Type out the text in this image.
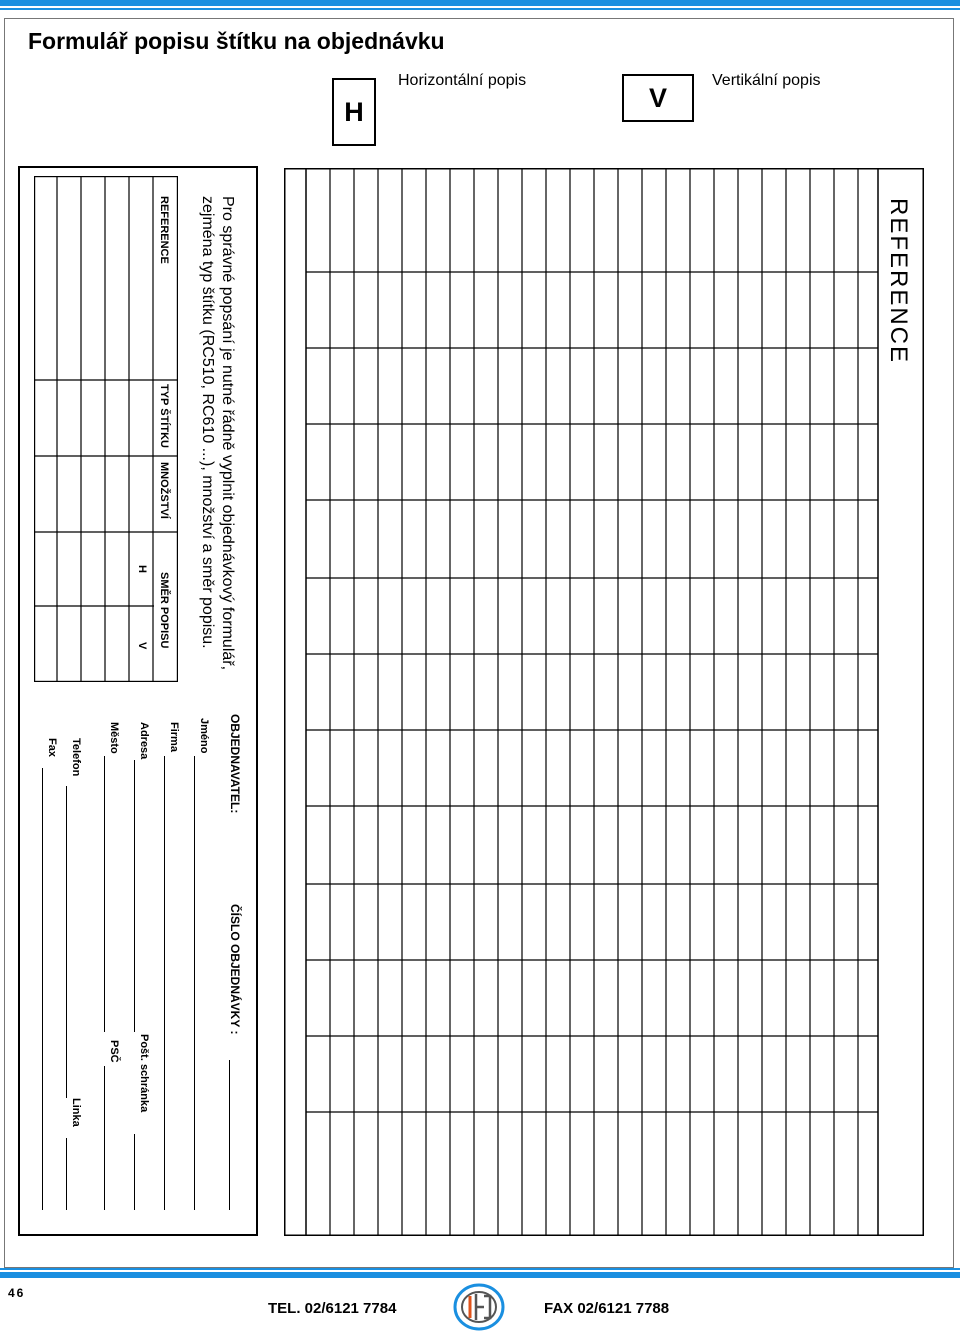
Formulář popisu štítku na objednávku
H
Horizontální popis
V
Vertikální popis
REFERENCE
Pro správné popsání je nutné řádně vyplnit objednávkový formulář,
zejména typ štítku (RC510, RC610 ...), množství a směr popisu.
REFERENCE
TYP ŠTÍTKU
MNOŽSTVÍ
SMĚR POPISU
H
V
OBJEDNAVATEL:
ČÍSLO OBJEDNÁVKY :
Jméno
Firma
Adresa
Pošt. schránka
Město
PSČ
Telefon
Linka
Fax
46
TEL. 02/6121 7784	FAX 02/6121 7788
